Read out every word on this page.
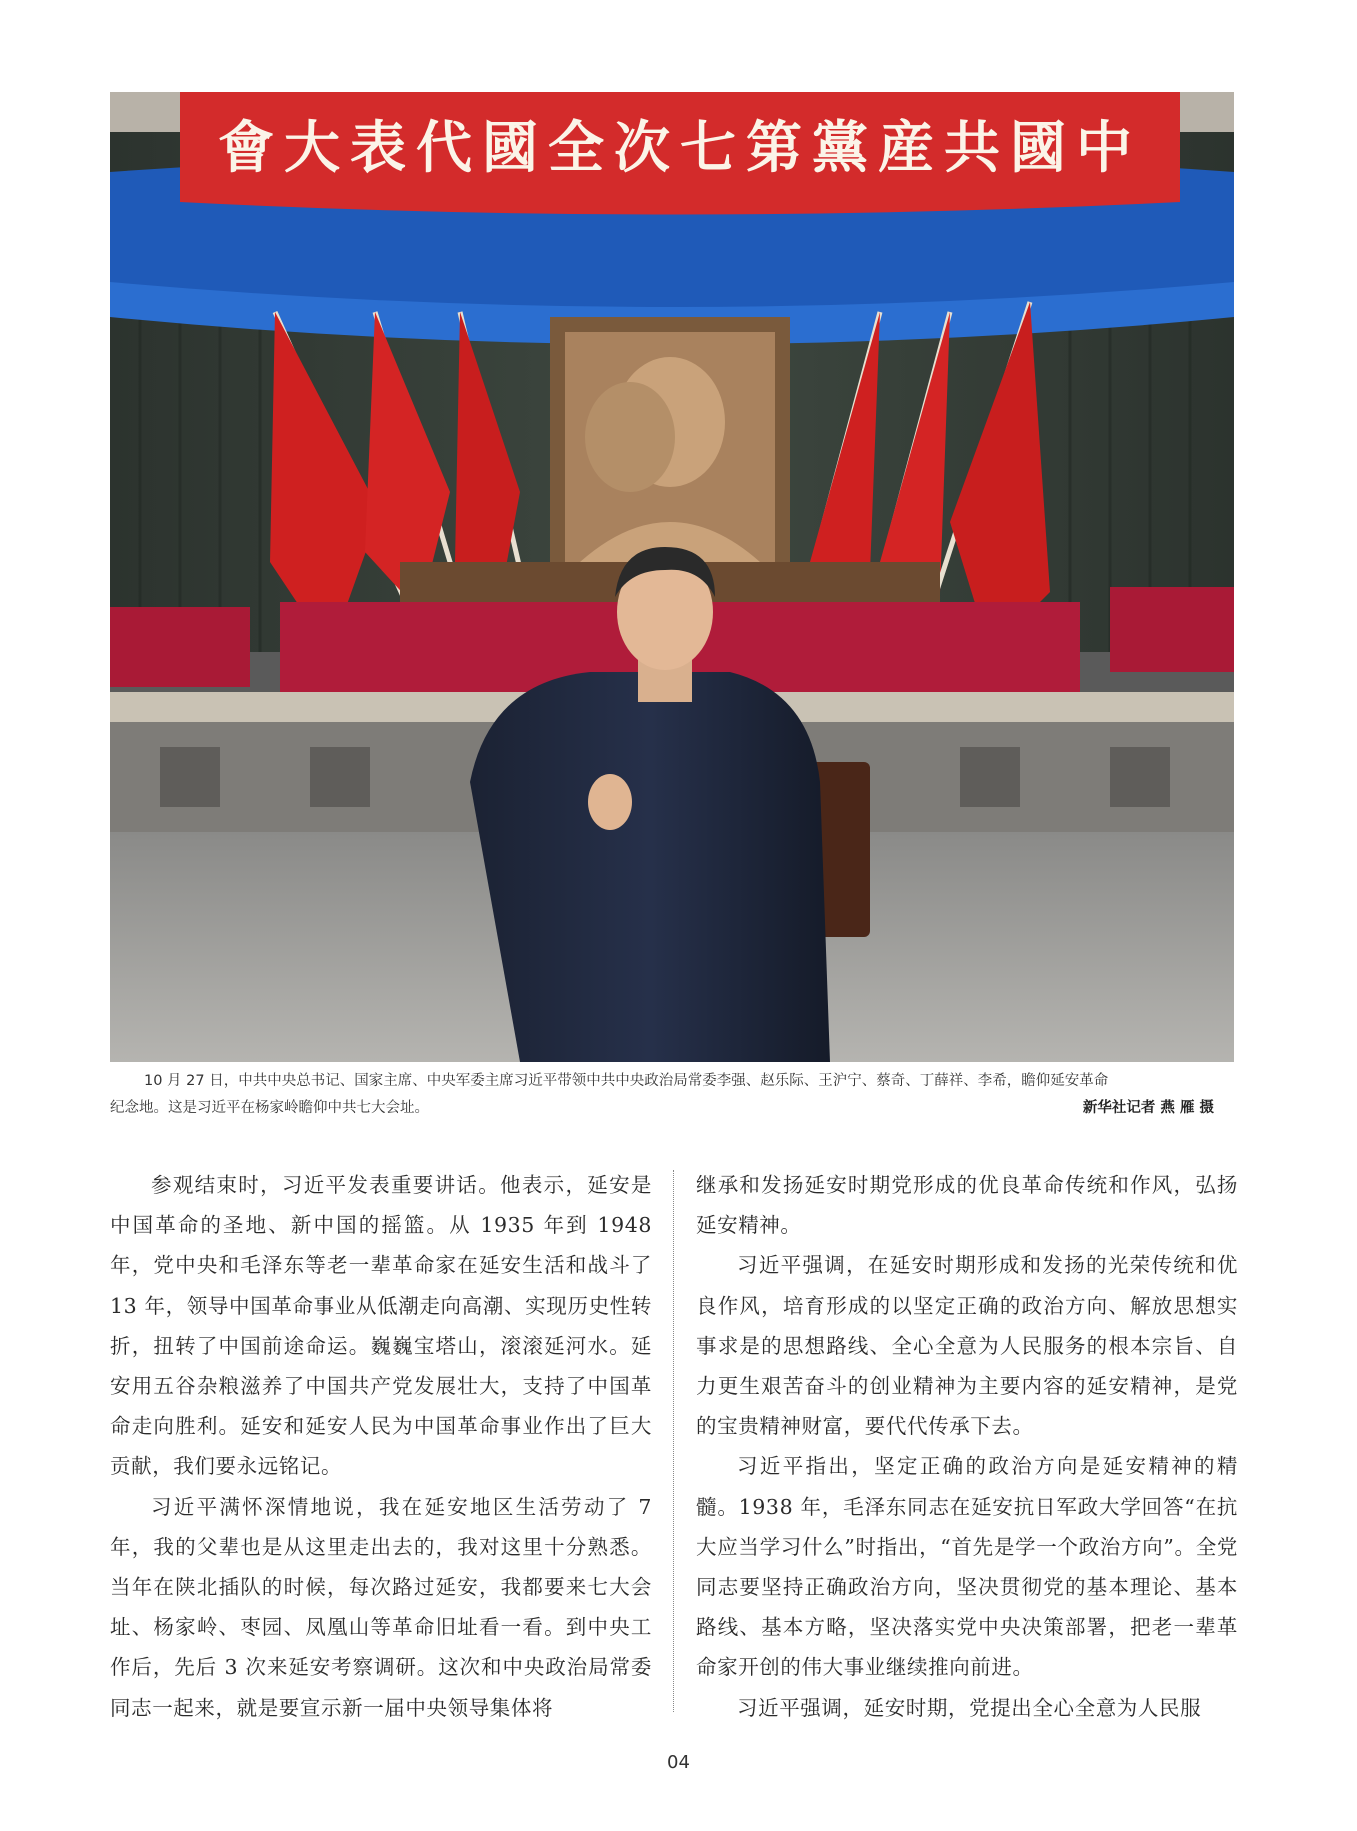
會大表代國全次七第黨産共國中
10 月 27 日，中共中央总书记、国家主席、中央军委主席习近平带领中共中央政治局常委李强、赵乐际、王沪宁、蔡奇、丁薛祥、李希，瞻仰延安革命
纪念地。这是习近平在杨家岭瞻仰中共七大会址。	新华社记者 燕 雁 摄

参观结束时，习近平发表重要讲话。他表示，延安是中国革命的圣地、新中国的摇篮。从 1935 年到 1948 年，党中央和毛泽东等老一辈革命家在延安生活和战斗了 13 年，领导中国革命事业从低潮走向高潮、实现历史性转折，扭转了中国前途命运。巍巍宝塔山，滚滚延河水。延安用五谷杂粮滋养了中国共产党发展壮大，支持了中国革命走向胜利。延安和延安人民为中国革命事业作出了巨大贡献，我们要永远铭记。

习近平满怀深情地说，我在延安地区生活劳动了 7 年，我的父辈也是从这里走出去的，我对这里十分熟悉。当年在陕北插队的时候，每次路过延安，我都要来七大会址、杨家岭、枣园、凤凰山等革命旧址看一看。到中央工作后，先后 3 次来延安考察调研。这次和中央政治局常委同志一起来，就是要宣示新一届中央领导集体将

继承和发扬延安时期党形成的优良革命传统和作风，弘扬延安精神。

习近平强调，在延安时期形成和发扬的光荣传统和优良作风，培育形成的以坚定正确的政治方向、解放思想实事求是的思想路线、全心全意为人民服务的根本宗旨、自力更生艰苦奋斗的创业精神为主要内容的延安精神，是党的宝贵精神财富，要代代传承下去。

习近平指出，坚定正确的政治方向是延安精神的精髓。1938 年，毛泽东同志在延安抗日军政大学回答“在抗大应当学习什么”时指出，“首先是学一个政治方向”。全党同志要坚持正确政治方向，坚决贯彻党的基本理论、基本路线、基本方略，坚决落实党中央决策部署，把老一辈革命家开创的伟大事业继续推向前进。

习近平强调，延安时期，党提出全心全意为人民服

04
